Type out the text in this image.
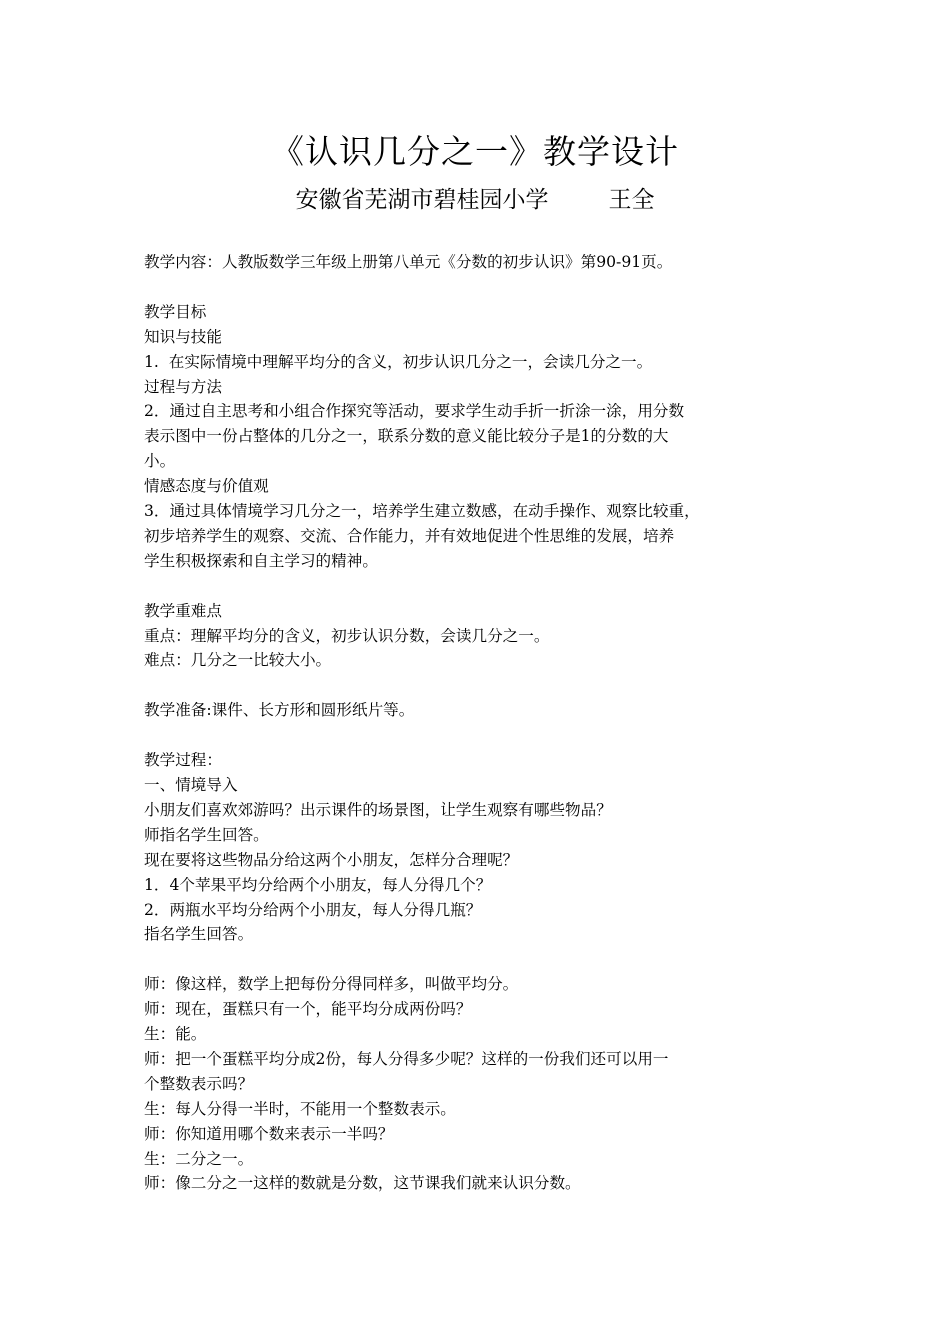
《认识几分之一》教学设计
安徽省芜湖市碧桂园小学	王全

教学内容：人教版数学三年级上册第八单元《分数的初步认识》第90-91页。

教学目标

知识与技能

1.  在实际情境中理解平均分的含义，初步认识几分之一，会读几分之一。

过程与方法

2．通过自主思考和小组合作探究等活动，要求学生动手折一折涂一涂，用分数

表示图中一份占整体的几分之一，联系分数的意义能比较分子是1的分数的大

小。

情感态度与价值观

3．通过具体情境学习几分之一，培养学生建立数感，在动手操作、观察比较重，

初步培养学生的观察、交流、合作能力，并有效地促进个性思维的发展，培养

学生积极探索和自主学习的精神。

教学重难点

重点：理解平均分的含义，初步认识分数，会读几分之一。

难点：几分之一比较大小。

教学准备:课件、长方形和圆形纸片等。

教学过程：

一、情境导入

小朋友们喜欢郊游吗？出示课件的场景图，让学生观察有哪些物品？

师指名学生回答。

现在要将这些物品分给这两个小朋友，怎样分合理呢？

1．4个苹果平均分给两个小朋友，每人分得几个？

2．两瓶水平均分给两个小朋友，每人分得几瓶？

指名学生回答。

师：像这样，数学上把每份分得同样多，叫做平均分。

师：现在，蛋糕只有一个，能平均分成两份吗？

生：能。

师：把一个蛋糕平均分成2份，每人分得多少呢？这样的一份我们还可以用一

个整数表示吗？

生：每人分得一半时，不能用一个整数表示。

师：你知道用哪个数来表示一半吗？

生：二分之一。

师：像二分之一这样的数就是分数，这节课我们就来认识分数。
